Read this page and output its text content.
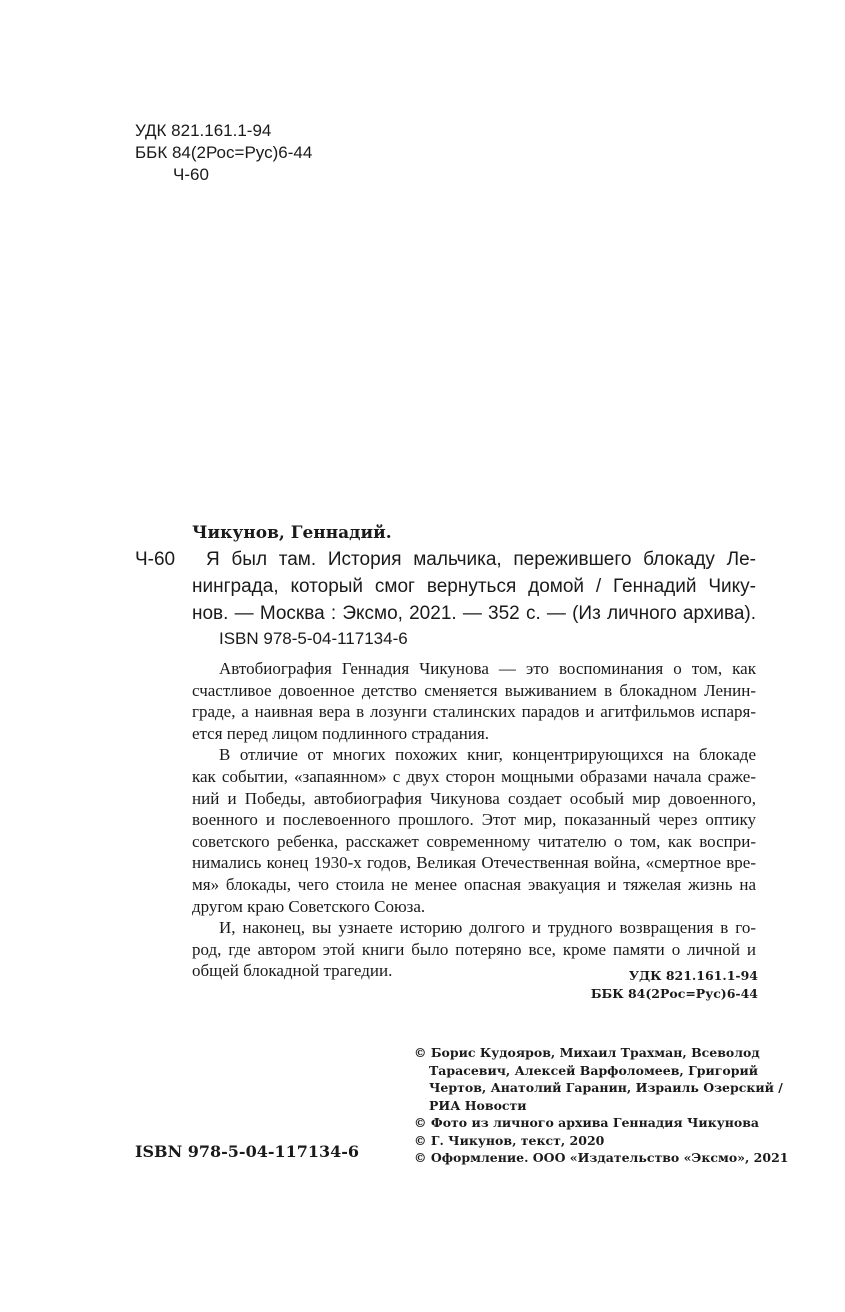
УДК 821.161.1-94
ББК 84(2Рос=Рус)6-44
Ч-60
Чикунов, Геннадий.
Ч-60 Я был там. История мальчика, пережившего блокаду Ле-
нинграда, который смог вернуться домой / Геннадий Чику-
нов. — Москва : Эксмо, 2021. — 352 с. — (Из личного архива).
ISBN 978-5-04-117134-6
Автобиография Геннадия Чикунова — это воспоминания о том, как
счастливое довоенное детство сменяется выживанием в блокадном Ленин-
граде, а наивная вера в лозунги сталинских парадов и агитфильмов испаря-
ется перед лицом подлинного страдания.
В отличие от многих похожих книг, концентрирующихся на блокаде
как событии, «запаянном» с двух сторон мощными образами начала сраже-
ний и Победы, автобиография Чикунова создает особый мир довоенного,
военного и послевоенного прошлого. Этот мир, показанный через оптику
советского ребенка, расскажет современному читателю о том, как воспри-
нимались конец 1930-х годов, Великая Отечественная война, «смертное вре-
мя» блокады, чего стоила не менее опасная эвакуация и тяжелая жизнь на
другом краю Советского Союза.
И, наконец, вы узнаете историю долгого и трудного возвращения в го-
род, где автором этой книги было потеряно все, кроме памяти о личной и
общей блокадной трагедии.	УДК 821.161.1-94
ББК 84(2Рос=Рус)6-44
© Борис Кудояров, Михаил Трахман, Всеволод
Тарасевич, Алексей Варфоломеев, Григорий
Чертов, Анатолий Гаранин, Израиль Озерский /
РИА Новости
© Фото из личного архива Геннадия Чикунова
© Г. Чикунов, текст, 2020
© Оформление. ООО «Издательство «Эксмо», 2021
ISBN 978-5-04-117134-6
